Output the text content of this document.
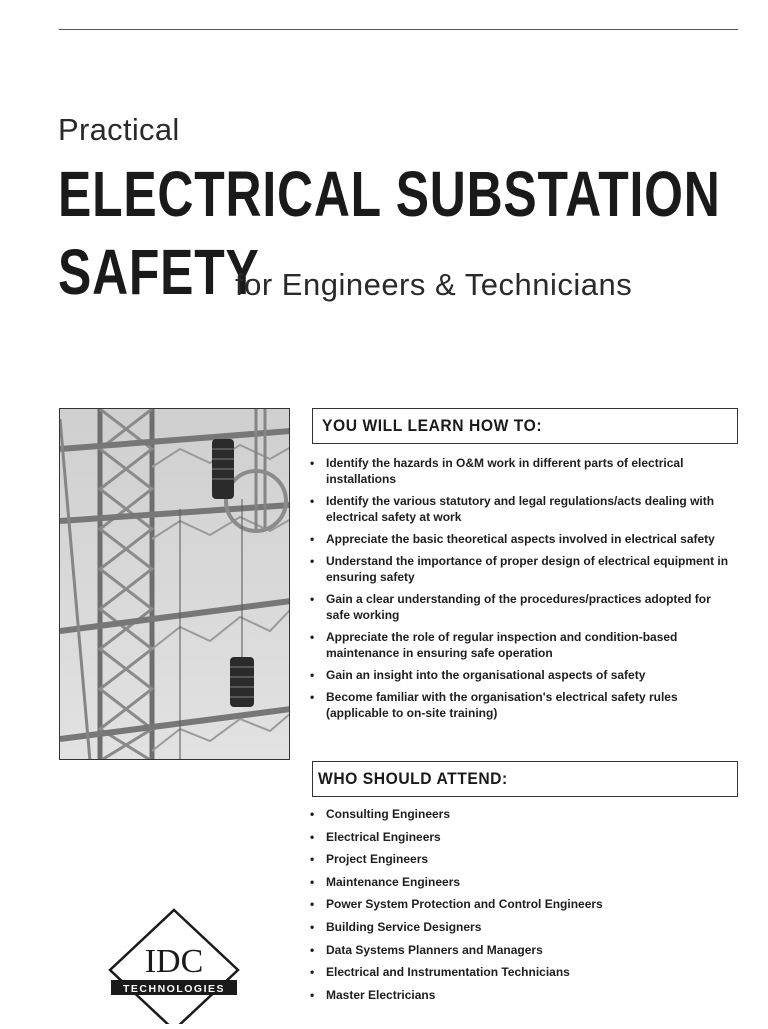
Practical
ELECTRICAL SUBSTATION
SAFETY
for Engineers & Technicians
YOU WILL LEARN HOW TO:
• Identify the hazards in O&M work in different parts of electrical installations
• Identify the various statutory and legal regulations/acts dealing with electrical safety at work
• Appreciate the basic theoretical aspects involved in electrical safety
• Understand the importance of proper design of electrical equipment in ensuring safety
• Gain a clear understanding of the procedures/practices adopted for safe working
• Appreciate the role of regular inspection and condition-based maintenance in ensuring safe operation
• Gain an insight into the organisational aspects of safety
• Become familiar with the organisation's electrical safety rules (applicable to on-site training)
WHO SHOULD ATTEND:
• Consulting Engineers
• Electrical Engineers
• Project Engineers
• Maintenance Engineers
• Power System Protection and Control Engineers
• Building Service Designers
• Data Systems Planners and Managers
• Electrical and Instrumentation Technicians
• Master Electricians
IDC
TECHNOLOGIES
